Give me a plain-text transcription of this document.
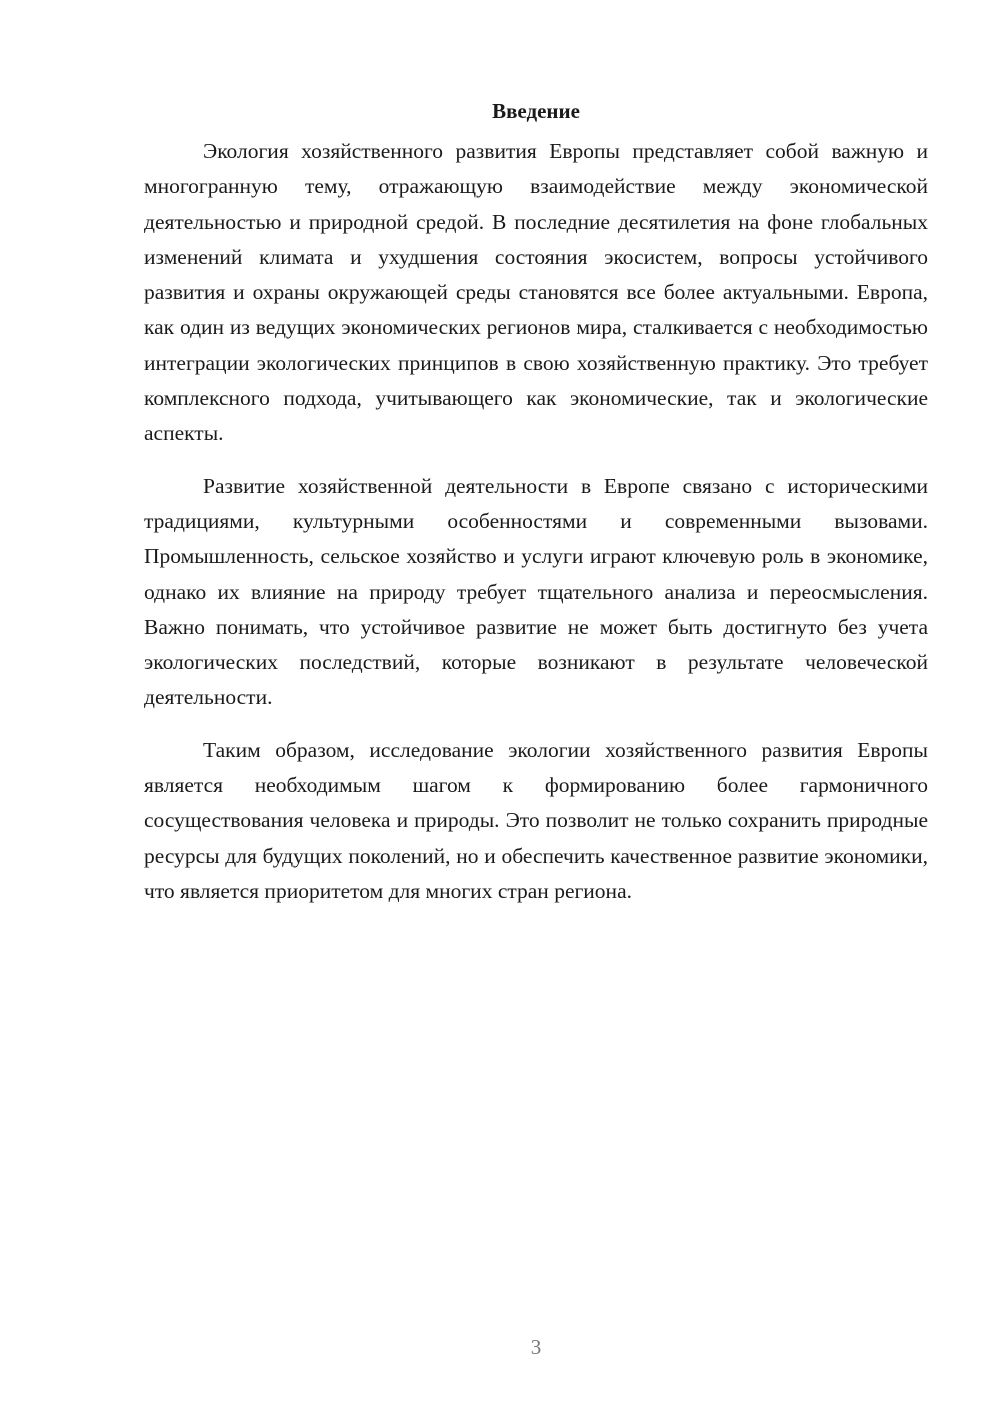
Введение

Экология хозяйственного развития Европы представляет собой важную и многогранную тему, отражающую взаимодействие между экономической деятельностью и природной средой. В последние десятилетия на фоне глобальных изменений климата и ухудшения состояния экосистем, вопросы устойчивого развития и охраны окружающей среды становятся все более актуальными. Европа, как один из ведущих экономических регионов мира, сталкивается с необходимостью интеграции экологических принципов в свою хозяйственную практику. Это требует комплексного подхода, учитывающего как экономические, так и экологические аспекты.

Развитие хозяйственной деятельности в Европе связано с историческими традициями, культурными особенностями и современными вызовами. Промышленность, сельское хозяйство и услуги играют ключевую роль в экономике, однако их влияние на природу требует тщательного анализа и переосмысления. Важно понимать, что устойчивое развитие не может быть достигнуто без учета экологических последствий, которые возникают в результате человеческой деятельности.

Таким образом, исследование экологии хозяйственного развития Европы является необходимым шагом к формированию более гармоничного сосуществования человека и природы. Это позволит не только сохранить природные ресурсы для будущих поколений, но и обеспечить качественное развитие экономики, что является приоритетом для многих стран региона.

3
